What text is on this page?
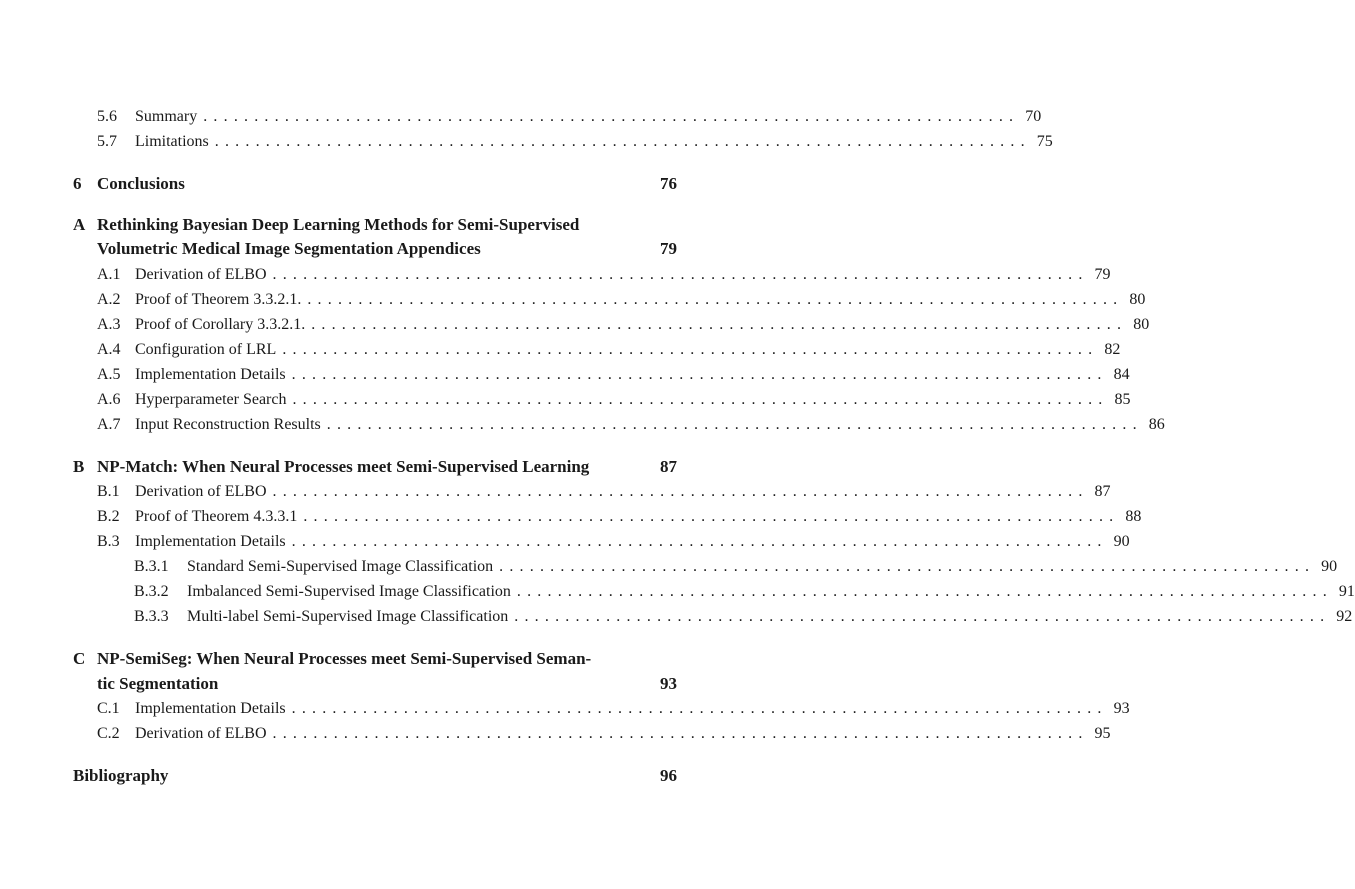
5.6	Summary ................................................................................ 70
5.7	Limitations ................................................................................ 75
6 Conclusions	76
A Rethinking Bayesian Deep Learning Methods for Semi-Supervised
Volumetric Medical Image Segmentation Appendices	79
A.1 Derivation of ELBO ................................................................................ 79
A.2 Proof of Theorem 3.3.2.1. ................................................................................ 80
A.3 Proof of Corollary 3.3.2.1. ................................................................................ 80
A.4 Configuration of LRL ................................................................................ 82
A.5 Implementation Details ................................................................................ 84
A.6 Hyperparameter Search ................................................................................ 85
A.7 Input Reconstruction Results ................................................................................ 86
B NP-Match: When Neural Processes meet Semi-Supervised Learning	87
B.1 Derivation of ELBO ................................................................................ 87
B.2 Proof of Theorem 4.3.3.1 ................................................................................ 88
B.3 Implementation Details ................................................................................ 90
B.3.1	Standard Semi-Supervised Image Classification ................................................................................ 90
B.3.2	Imbalanced Semi-Supervised Image Classification ................................................................................ 91
B.3.3	Multi-label Semi-Supervised Image Classification ................................................................................ 92
C NP-SemiSeg: When Neural Processes meet Semi-Supervised Seman-
tic Segmentation	93
C.1 Implementation Details ................................................................................ 93
C.2 Derivation of ELBO ................................................................................ 95
Bibliography	96
